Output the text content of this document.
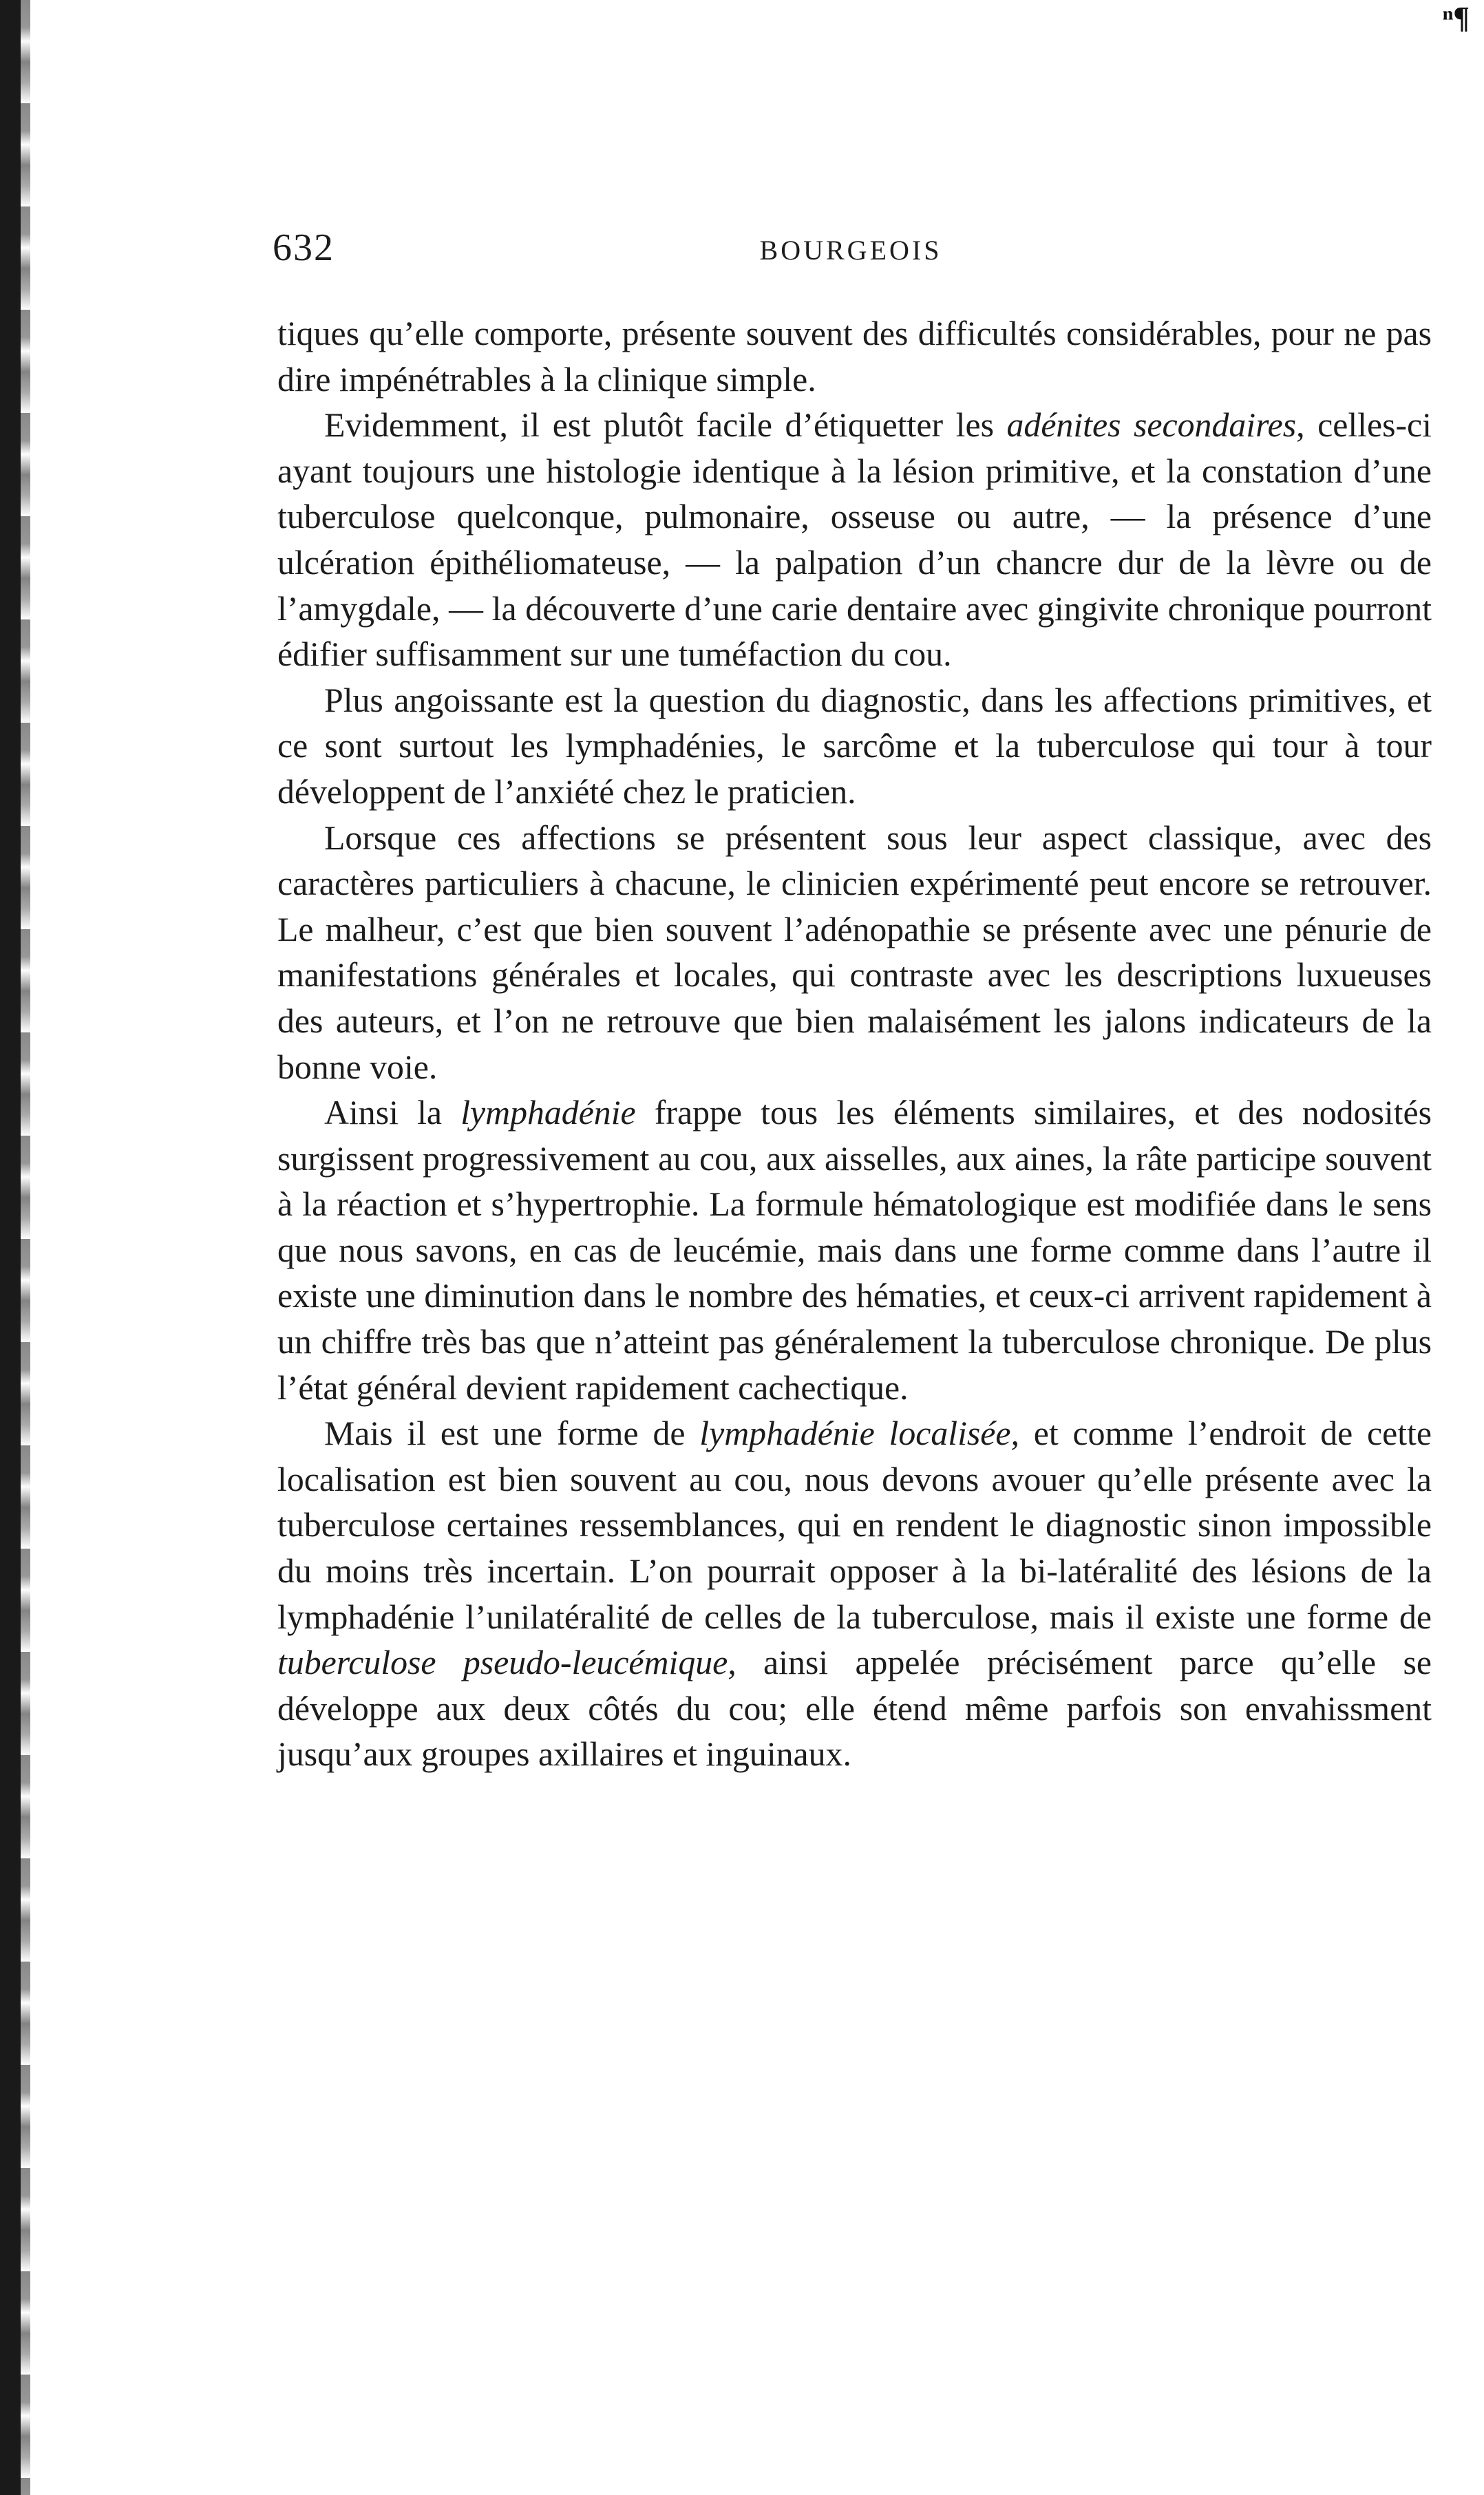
ⁿ¶
632	BOURGEOIS

tiques qu’elle comporte, présente souvent des difficultés considérables, pour ne pas dire impénétrables à la clinique simple.

Evidemment, il est plutôt facile d’étiquetter les adénites secondaires, celles-ci ayant toujours une histologie identique à la lésion primitive, et la constation d’une tuberculose quelconque, pulmonaire, osseuse ou autre, — la présence d’une ulcération épithéliomateuse, — la palpation d’un chancre dur de la lèvre ou de l’amygdale, — la découverte d’une carie dentaire avec gingivite chronique pourront édifier suffisamment sur une tuméfaction du cou.

Plus angoissante est la question du diagnostic, dans les affections primitives, et ce sont surtout les lymphadénies, le sarcôme et la tuberculose qui tour à tour développent de l’anxiété chez le praticien.

Lorsque ces affections se présentent sous leur aspect classique, avec des caractères particuliers à chacune, le clinicien expérimenté peut encore se retrouver. Le malheur, c’est que bien souvent l’adénopathie se présente avec une pénurie de manifestations générales et locales, qui contraste avec les descriptions luxueuses des auteurs, et l’on ne retrouve que bien malaisément les jalons indicateurs de la bonne voie.

Ainsi la lymphadénie frappe tous les éléments similaires, et des nodosités surgissent progressivement au cou, aux aisselles, aux aines, la râte participe souvent à la réaction et s’hypertrophie. La formule hématologique est modifiée dans le sens que nous savons, en cas de leucémie, mais dans une forme comme dans l’autre il existe une diminution dans le nombre des hématies, et ceux-ci arrivent rapidement à un chiffre très bas que n’atteint pas généralement la tuberculose chronique. De plus l’état général devient rapidement cachectique.

Mais il est une forme de lymphadénie localisée, et comme l’endroit de cette localisation est bien souvent au cou, nous devons avouer qu’elle présente avec la tuberculose certaines ressemblances, qui en rendent le diagnostic sinon impossible du moins très incertain. L’on pourrait opposer à la bi-latéralité des lésions de la lymphadénie l’unilatéralité de celles de la tuberculose, mais il existe une forme de tuberculose pseudo-leucémique, ainsi appelée précisément parce qu’elle se développe aux deux côtés du cou; elle étend même parfois son envahissment jusqu’aux groupes axillaires et inguinaux.
